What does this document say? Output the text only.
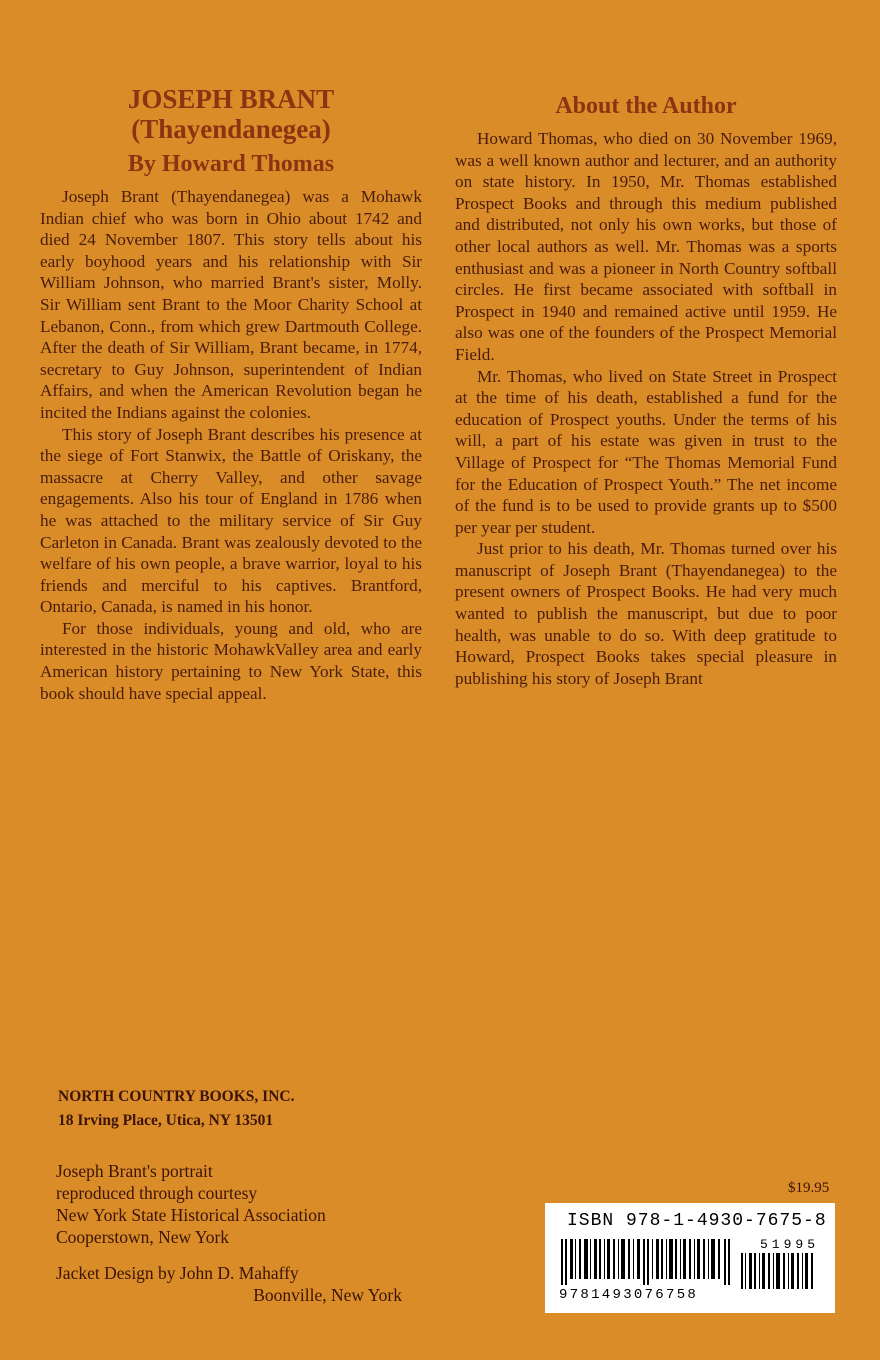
JOSEPH BRANT
(Thayendanegea)
By Howard Thomas

Joseph Brant (Thayendanegea) was a Mohawk Indian chief who was born in Ohio about 1742 and died 24 November 1807. This story tells about his early boyhood years and his relationship with Sir William Johnson, who married Brant's sister, Molly. Sir William sent Brant to the Moor Charity School at Lebanon, Conn., from which grew Dartmouth College. After the death of Sir William, Brant became, in 1774, secretary to Guy Johnson, superintendent of Indian Affairs, and when the American Revolution began he incited the Indians against the colonies.

This story of Joseph Brant describes his presence at the siege of Fort Stanwix, the Battle of Oriskany, the massacre at Cherry Valley, and other savage engagements. Also his tour of England in 1786 when he was attached to the military service of Sir Guy Carleton in Canada. Brant was zealously devoted to the welfare of his own people, a brave warrior, loyal to his friends and merciful to his captives. Brantford, Ontario, Canada, is named in his honor.

For those individuals, young and old, who are interested in the historic MohawkValley area and early American history pertaining to New York State, this book should have special appeal.

About the Author

Howard Thomas, who died on 30 November 1969, was a well known author and lecturer, and an authority on state history. In 1950, Mr. Thomas established Prospect Books and through this medium published and distributed, not only his own works, but those of other local authors as well. Mr. Thomas was a sports enthusiast and was a pioneer in North Country softball circles. He first became associated with softball in Prospect in 1940 and remained active until 1959. He also was one of the founders of the Prospect Memorial Field.

Mr. Thomas, who lived on State Street in Prospect at the time of his death, established a fund for the education of Prospect youths. Under the terms of his will, a part of his estate was given in trust to the Village of Prospect for “The Thomas Memorial Fund for the Education of Prospect Youth.” The net income of the fund is to be used to provide grants up to $500 per year per student.

Just prior to his death, Mr. Thomas turned over his manuscript of Joseph Brant (Thayendanegea) to the present owners of Prospect Books. He had very much wanted to publish the manuscript, but due to poor health, was unable to do so. With deep gratitude to Howard, Prospect Books takes special pleasure in publishing his story of Joseph Brant

NORTH COUNTRY BOOKS, INC.
18 Irving Place, Utica, NY 13501
Joseph Brant's portrait
reproduced through courtesy
New York State Historical Association
Cooperstown, New York
Jacket Design by John D. Mahaffy
Boonville, New York
$19.95
ISBN 978-1-4930-7675-8
51995
9781493076758
